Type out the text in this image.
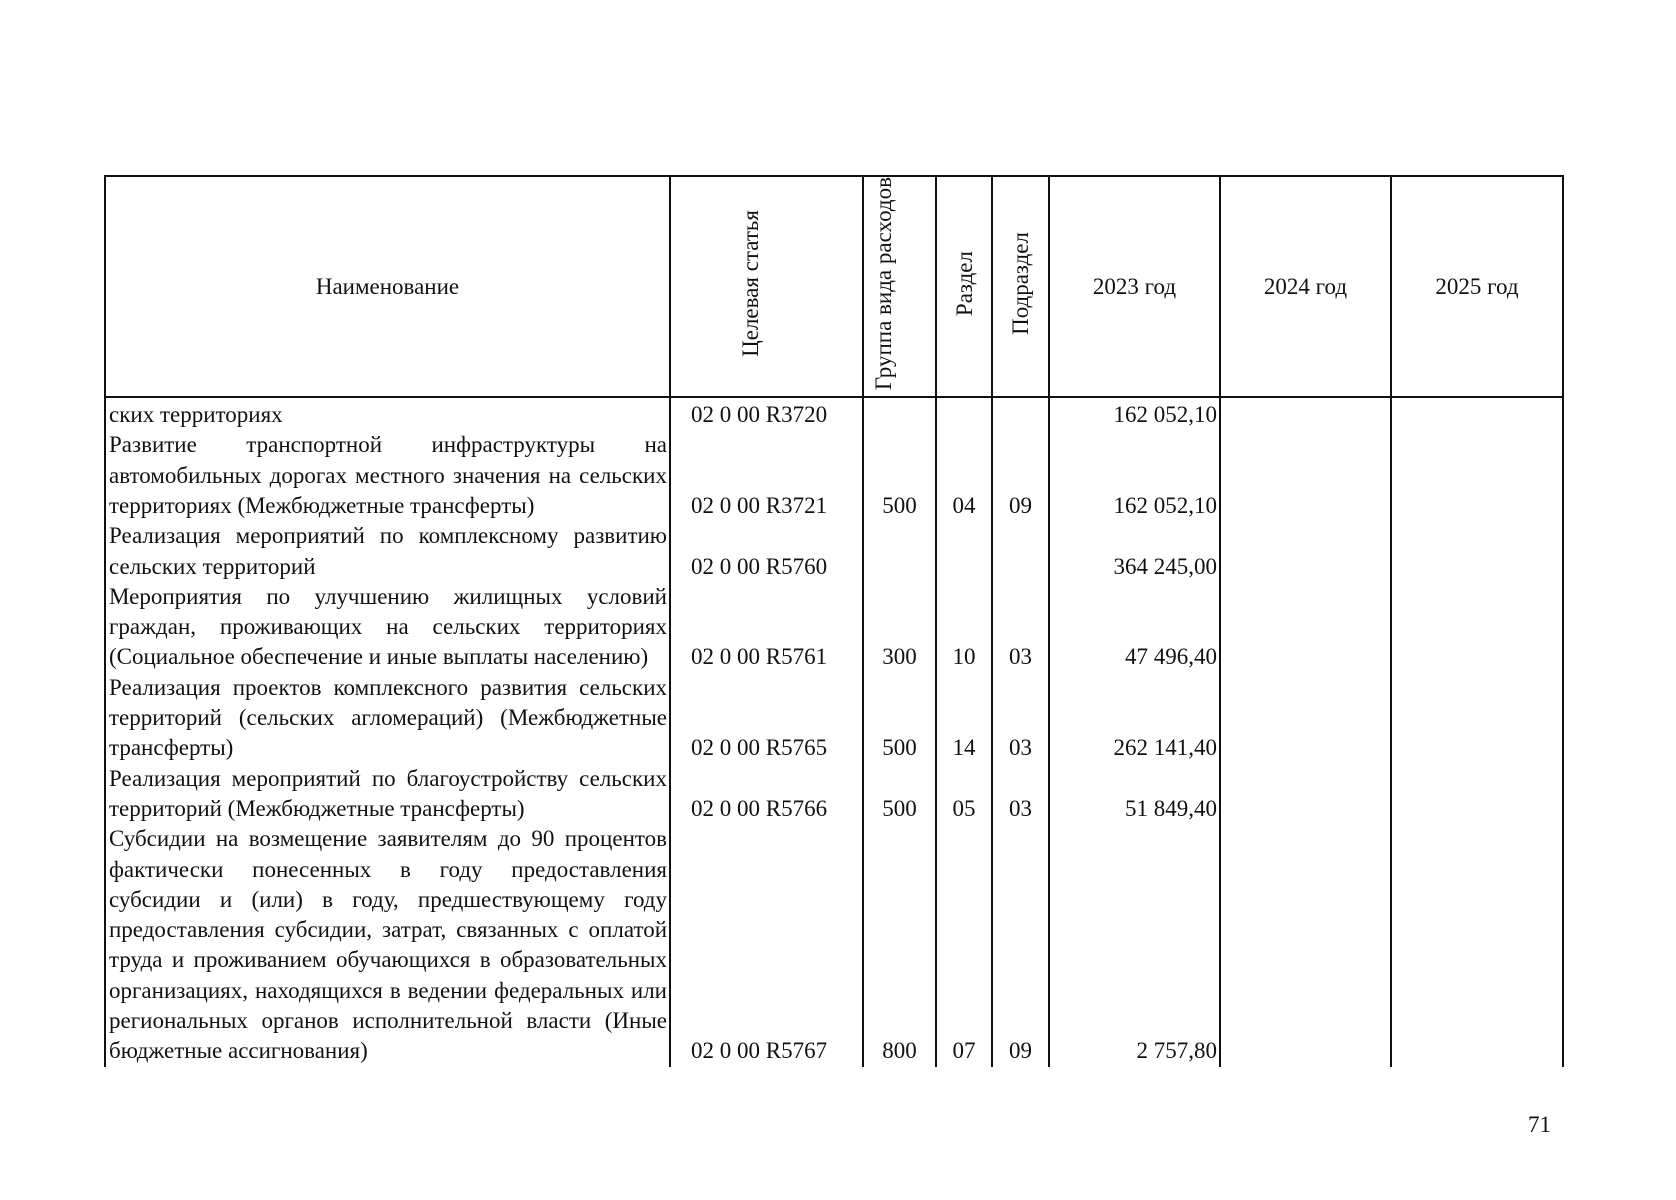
Наименование	Целевая статья	Группа вида расходов	Раздел	Подраздел	2023 год	2024 год	2025 год
ских территориях	02 0 00 R3720				162 052,10		
Развитие транспортной инфраструктуры на автомобильных дорогах местного значения на сельских территориях (Межбюджетные трансферты)	02 0 00 R3721	500	04	09	162 052,10		
Реализация мероприятий по комплексному развитию сельских территорий	02 0 00 R5760				364 245,00		
Мероприятия по улучшению жилищных условий граждан, проживающих на сельских территориях (Социальное обеспечение и иные выплаты населению)	02 0 00 R5761	300	10	03	47 496,40		
Реализация проектов комплексного развития сельских территорий (сельских агломераций) (Межбюджетные трансферты)	02 0 00 R5765	500	14	03	262 141,40		
Реализация мероприятий по благоустройству сельских территорий (Межбюджетные трансферты)	02 0 00 R5766	500	05	03	51 849,40		
Субсидии на возмещение заявителям до 90 процентов фактически понесенных в году предоставления субсидии и (или) в году, предшествующему году предоставления субсидии, затрат, связанных с оплатой труда и проживанием обучающихся в образовательных организациях, находящихся в ведении федеральных или региональных органов исполнительной власти (Иные бюджетные ассигнования)	02 0 00 R5767	800	07	09	2 757,80		
71
